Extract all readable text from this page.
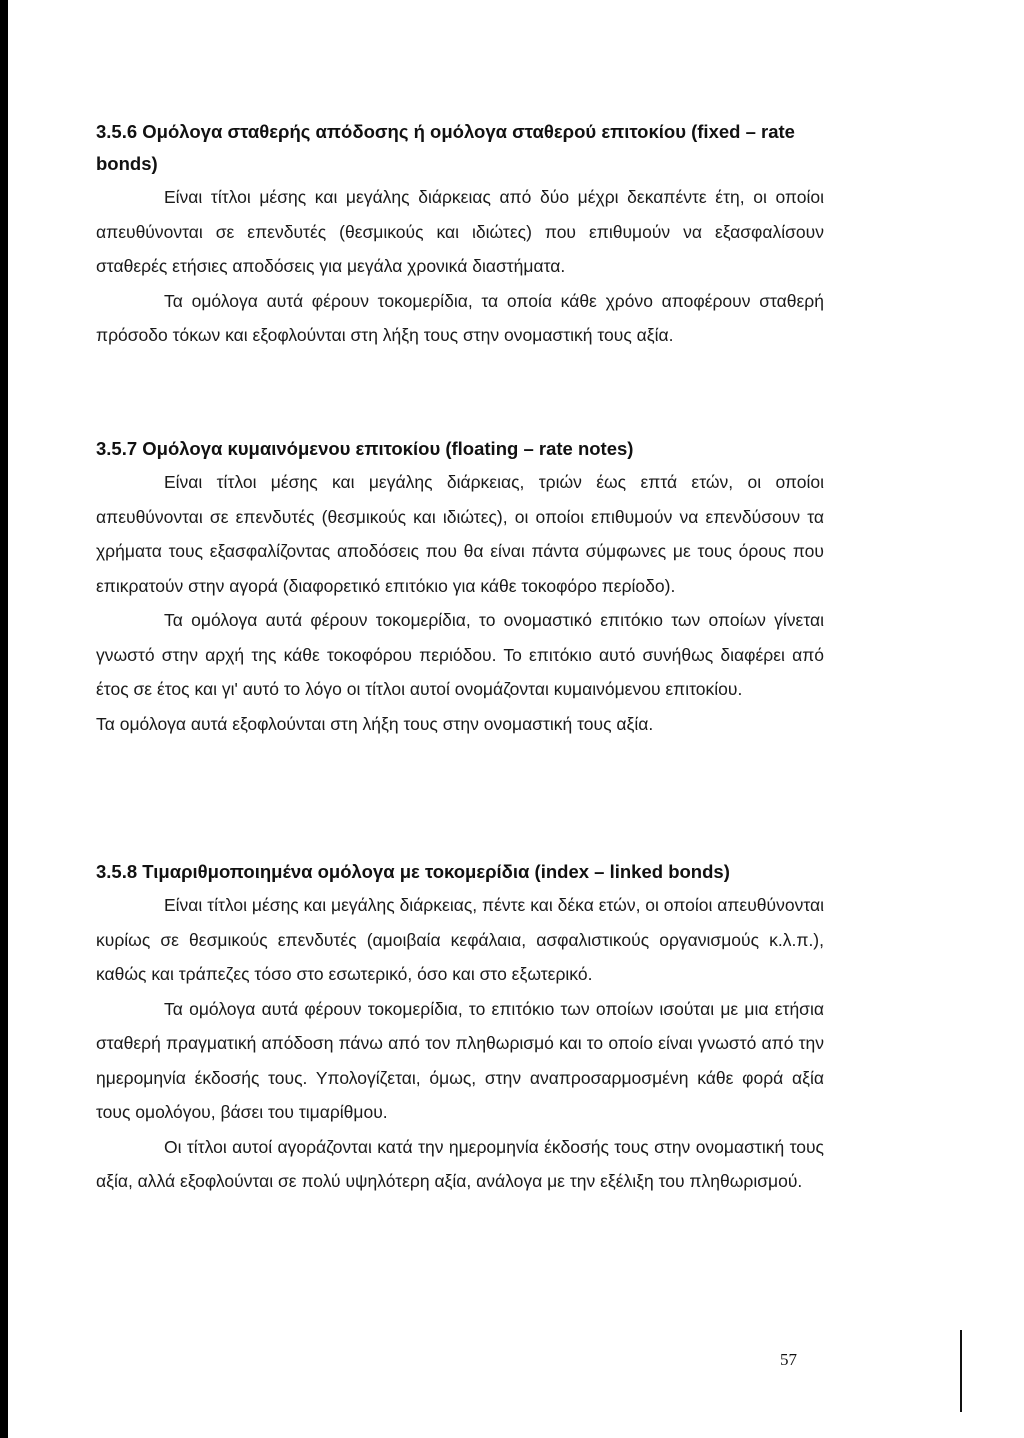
3.5.6 Ομόλογα σταθερής απόδοσης ή ομόλογα σταθερού επιτοκίου (fixed – rate bonds)

Είναι τίτλοι μέσης και μεγάλης διάρκειας από δύο μέχρι δεκαπέντε έτη, οι οποίοι απευθύνονται σε επενδυτές (θεσμικούς και ιδιώτες) που επιθυμούν να εξασφαλίσουν σταθερές ετήσιες αποδόσεις για μεγάλα χρονικά διαστήματα.

Τα ομόλογα αυτά φέρουν τοκομερίδια, τα οποία κάθε χρόνο αποφέρουν σταθερή πρόσοδο τόκων και εξοφλούνται στη λήξη τους στην ονομαστική τους αξία.

3.5.7 Ομόλογα κυμαινόμενου επιτοκίου (floating – rate notes)

Είναι τίτλοι μέσης και μεγάλης διάρκειας, τριών έως επτά ετών, οι οποίοι απευθύνονται σε επενδυτές (θεσμικούς και ιδιώτες), οι οποίοι επιθυμούν να επενδύσουν τα χρήματα τους εξασφαλίζοντας αποδόσεις που θα είναι πάντα σύμφωνες με τους όρους που επικρατούν στην αγορά (διαφορετικό επιτόκιο για κάθε τοκοφόρο περίοδο).

Τα ομόλογα αυτά φέρουν τοκομερίδια, το ονομαστικό επιτόκιο των οποίων γίνεται γνωστό στην αρχή της κάθε τοκοφόρου περιόδου. Το επιτόκιο αυτό συνήθως διαφέρει από έτος σε έτος και γι' αυτό το λόγο οι τίτλοι αυτοί ονομάζονται κυμαινόμενου επιτοκίου.

Τα ομόλογα αυτά εξοφλούνται στη λήξη τους στην ονομαστική τους αξία.

3.5.8 Τιμαριθμοποιημένα ομόλογα με τοκομερίδια (index – linked bonds)

Είναι τίτλοι μέσης και μεγάλης διάρκειας, πέντε και δέκα ετών, οι οποίοι απευθύνονται κυρίως σε θεσμικούς επενδυτές (αμοιβαία κεφάλαια, ασφαλιστικούς οργανισμούς κ.λ.π.), καθώς και τράπεζες τόσο στο εσωτερικό, όσο και στο εξωτερικό.

Τα ομόλογα αυτά φέρουν τοκομερίδια, το επιτόκιο των οποίων ισούται με μια ετήσια σταθερή πραγματική απόδοση πάνω από τον πληθωρισμό και το οποίο είναι γνωστό από την ημερομηνία έκδοσής τους. Υπολογίζεται, όμως, στην αναπροσαρμοσμένη κάθε φορά αξία τους ομολόγου, βάσει του τιμαρίθμου.

Οι τίτλοι αυτοί αγοράζονται κατά την ημερομηνία έκδοσής τους στην ονομαστική τους αξία, αλλά εξοφλούνται σε πολύ υψηλότερη αξία, ανάλογα με την εξέλιξη του πληθωρισμού.

57
